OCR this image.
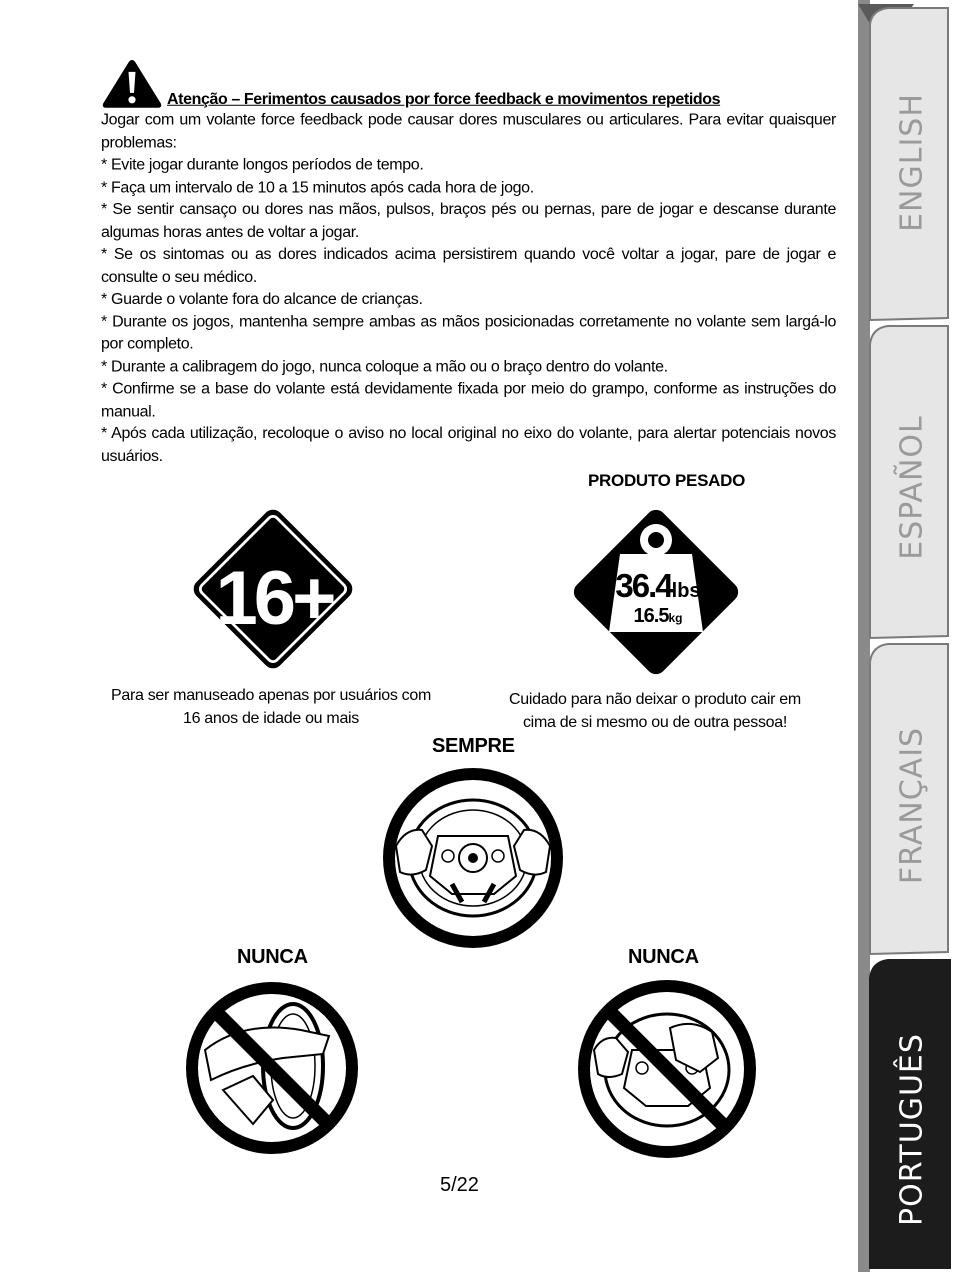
Atenção – Ferimentos causados por force feedback e movimentos repetidos

Jogar com um volante force feedback pode causar dores musculares ou articulares. Para evitar quaisquer problemas:

* Evite jogar durante longos períodos de tempo.

* Faça um intervalo de 10 a 15 minutos após cada hora de jogo.

* Se sentir cansaço ou dores nas mãos, pulsos, braços pés ou pernas, pare de jogar e descanse durante algumas horas antes de voltar a jogar.

* Se os sintomas ou as dores indicados acima persistirem quando você voltar a jogar, pare de jogar e consulte o seu médico.

* Guarde o volante fora do alcance de crianças.

* Durante os jogos, mantenha sempre ambas as mãos posicionadas corretamente no volante sem largá-lo por completo.

* Durante a calibragem do jogo, nunca coloque a mão ou o braço dentro do volante.

* Confirme se a base do volante está devidamente fixada por meio do grampo, conforme as instruções do manual.

* Após cada utilização, recoloque o aviso no local original no eixo do volante, para alertar potenciais novos usuários.

PRODUTO PESADO
16+	36.4lbs
16.5kg
Para ser manuseado apenas por usuários com
16 anos de idade ou mais
Cuidado para não deixar o produto cair em
cima de si mesmo ou de outra pessoa!
SEMPRE
NUNCA	NUNCA
5/22
ENGLISH
ESPAÑOL
FRANÇAIS
PORTUGUÊS
